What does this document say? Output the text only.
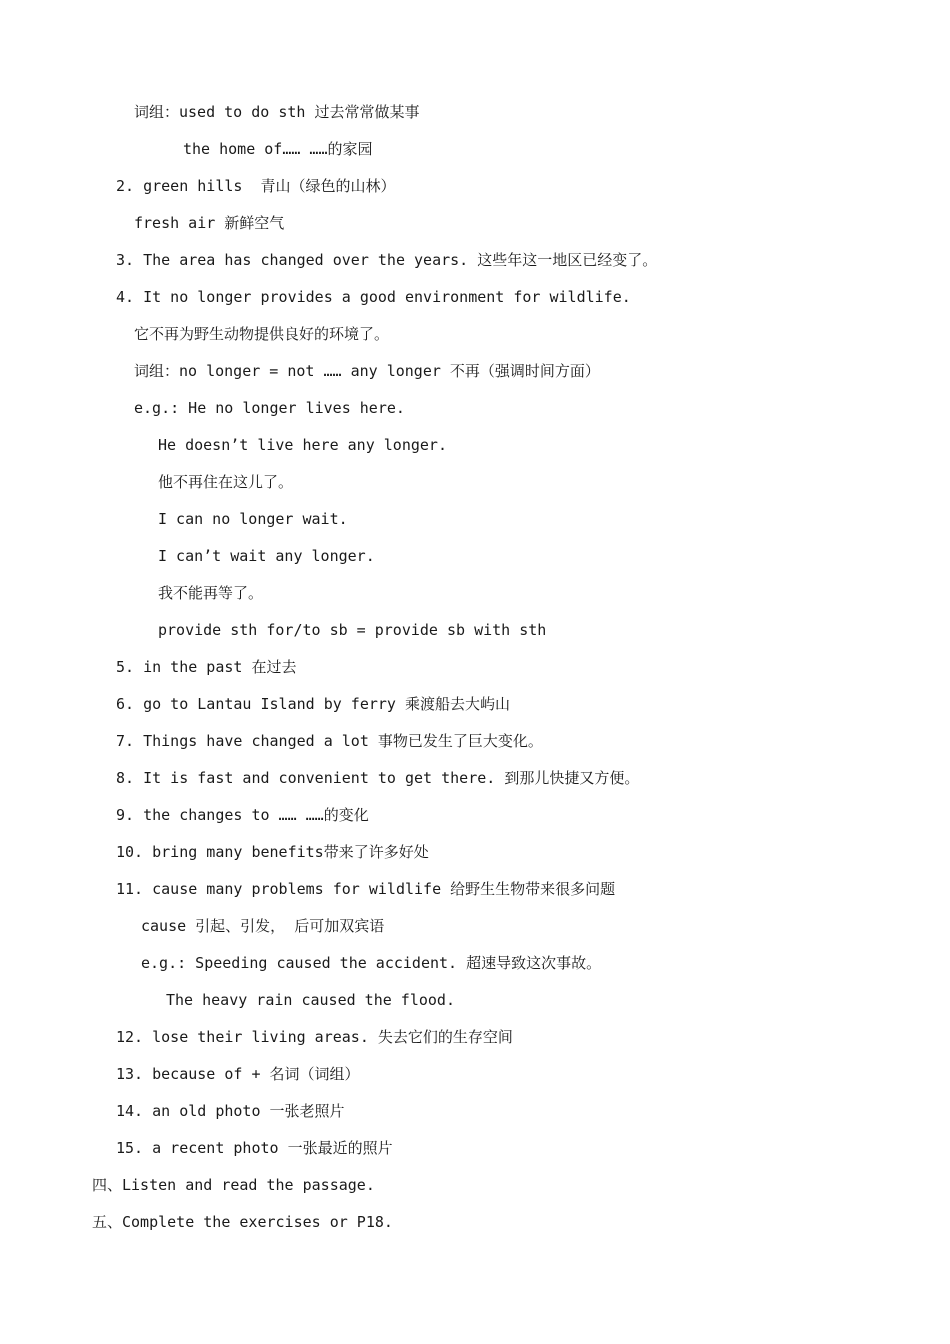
词组：used to do sth 过去常常做某事
the home of…… ……的家园
2. green hills  青山（绿色的山林）
fresh air 新鲜空气
3. The area has changed over the years. 这些年这一地区已经变了。
4. It no longer provides a good environment for wildlife.
它不再为野生动物提供良好的环境了。
词组：no longer = not …… any longer 不再（强调时间方面）
e.g.: He no longer lives here.
He doesn’t live here any longer.
他不再住在这儿了。
I can no longer wait.
I can’t wait any longer.
我不能再等了。
provide sth for/to sb = provide sb with sth
5. in the past 在过去
6. go to Lantau Island by ferry 乘渡船去大屿山
7. Things have changed a lot 事物已发生了巨大变化。
8. It is fast and convenient to get there. 到那儿快捷又方便。
9. the changes to …… ……的变化
10. bring many benefits带来了许多好处
11. cause many problems for wildlife 给野生生物带来很多问题
cause 引起、引发， 后可加双宾语
e.g.: Speeding caused the accident. 超速导致这次事故。
The heavy rain caused the flood.
12. lose their living areas. 失去它们的生存空间
13. because of + 名词（词组）
14. an old photo 一张老照片
15. a recent photo 一张最近的照片
四、Listen and read the passage.
五、Complete the exercises or P18.
